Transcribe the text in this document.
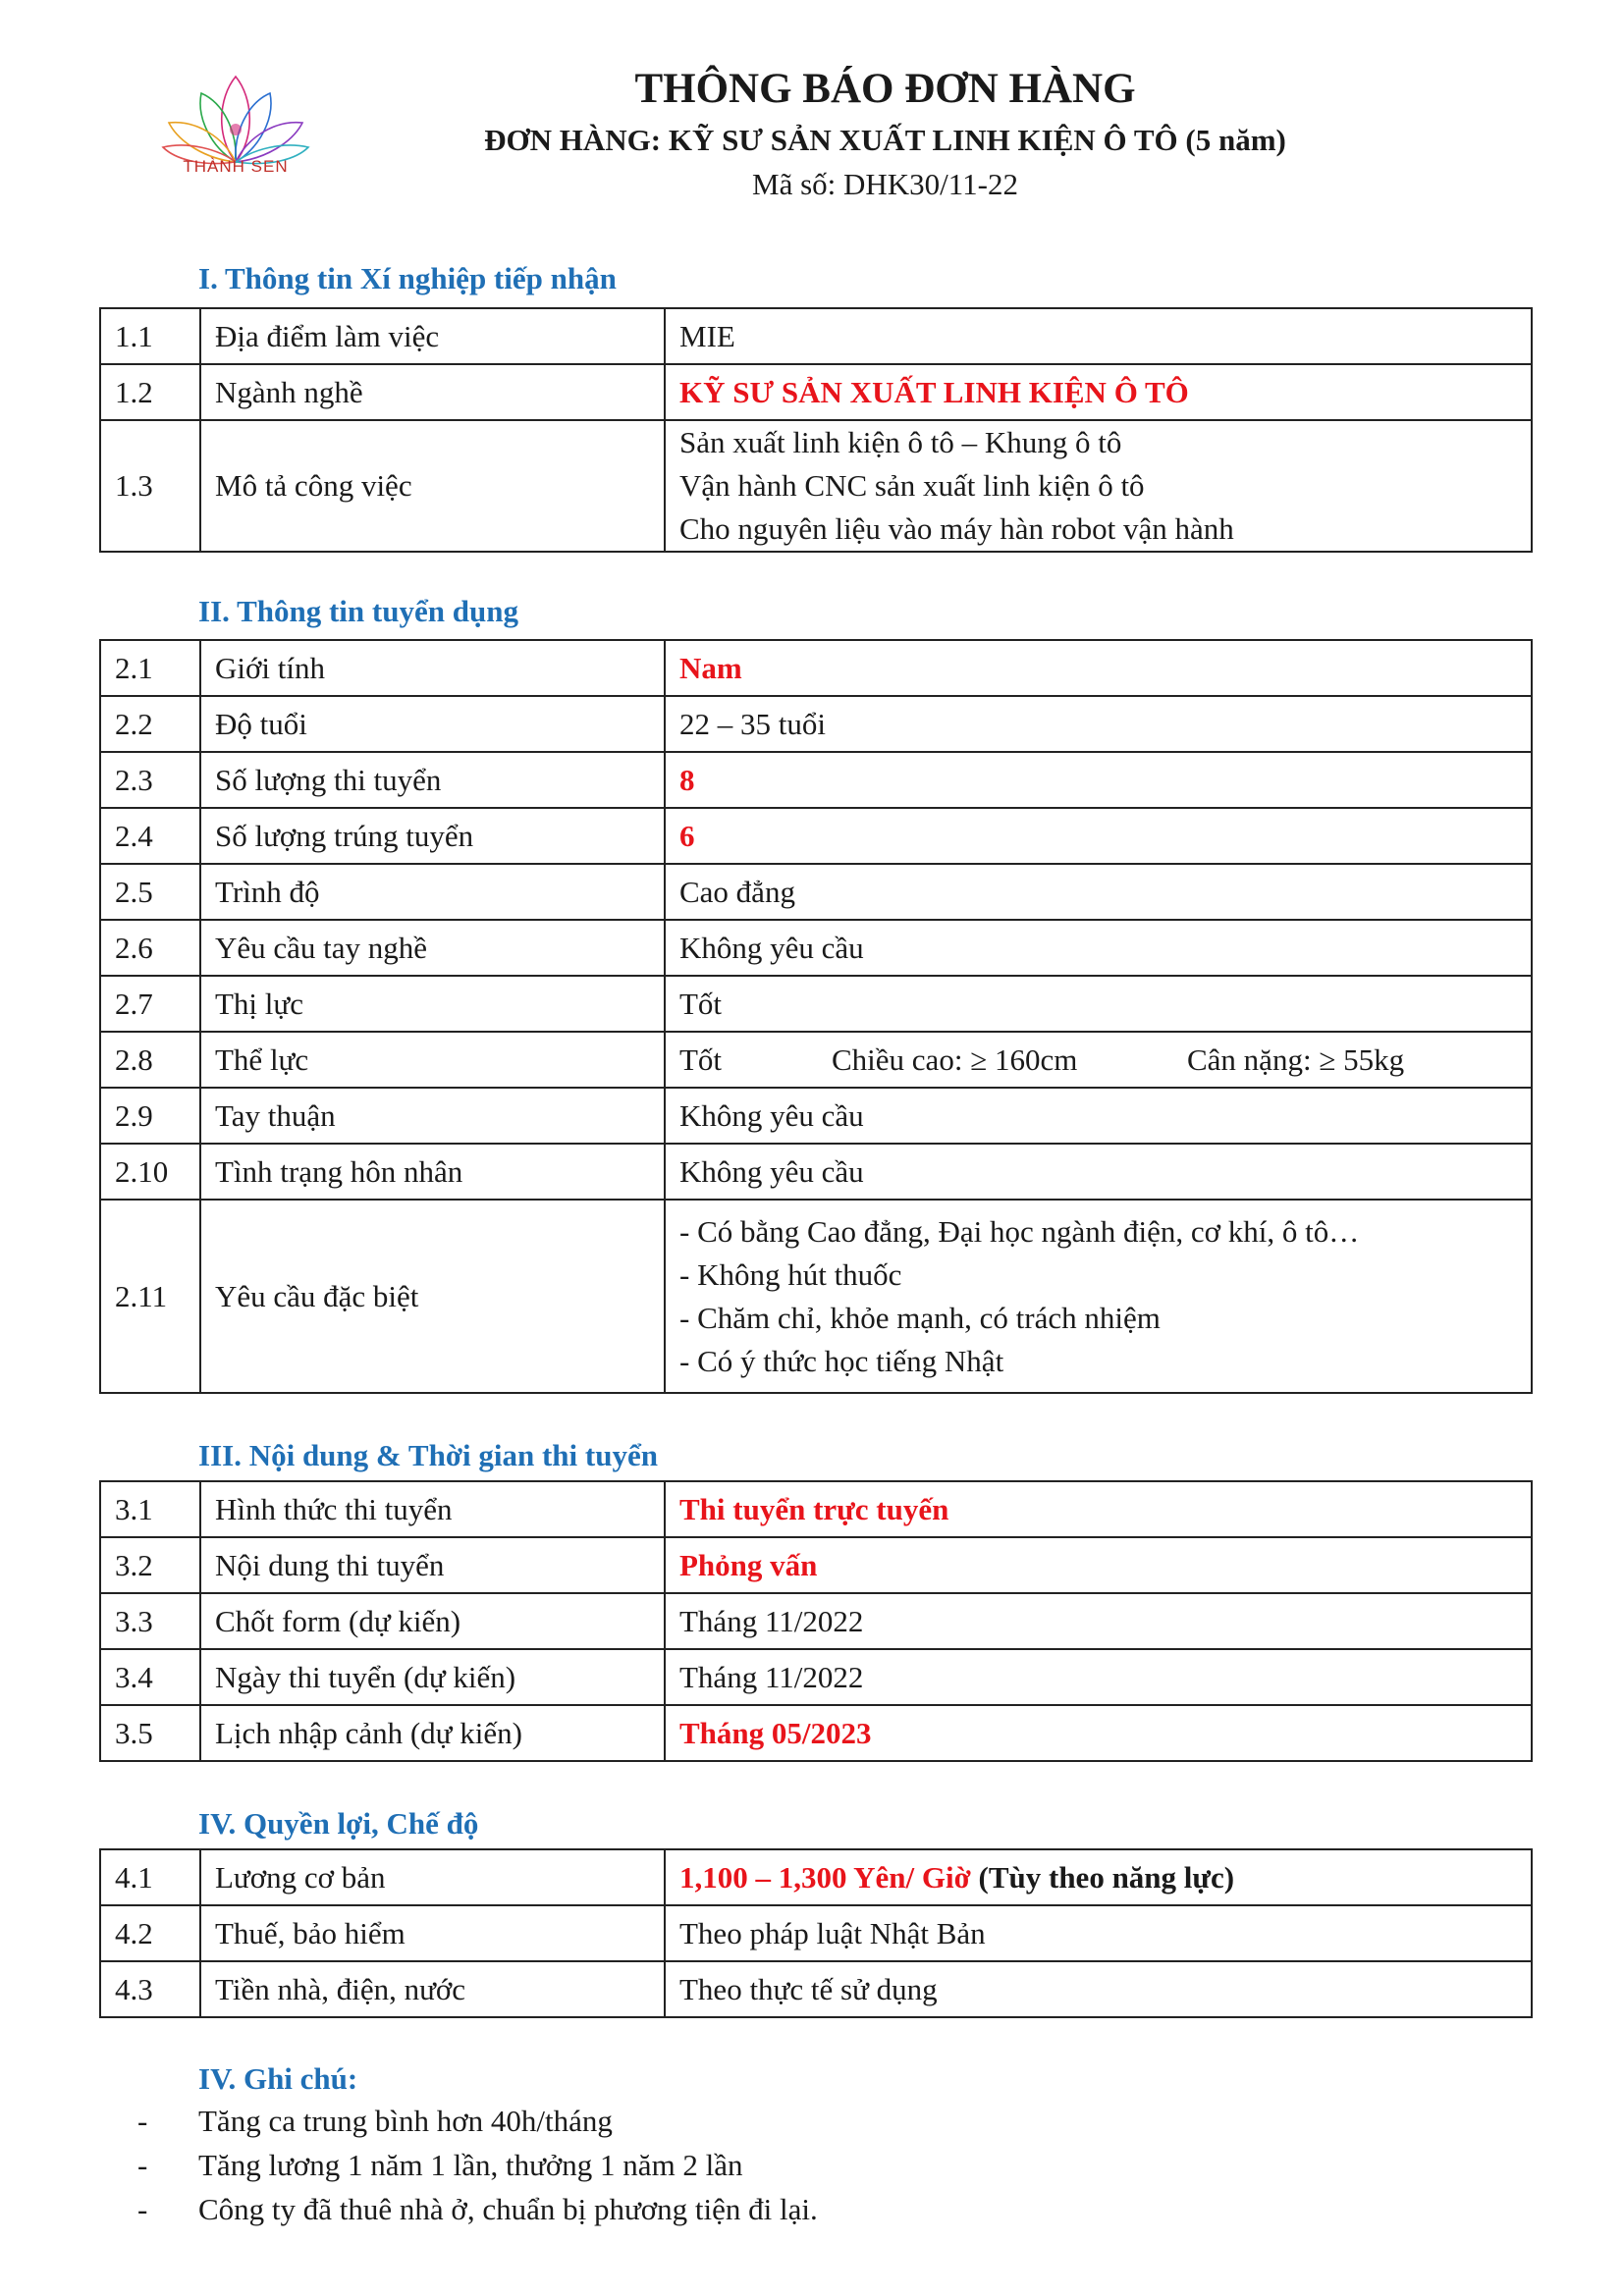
THÀNH SEN
THÔNG BÁO ĐƠN HÀNG
ĐƠN HÀNG: KỸ SƯ SẢN XUẤT LINH KIỆN Ô TÔ (5 năm)
Mã số: DHK30/11-22
I. Thông tin Xí nghiệp tiếp nhận
1.1	Địa điểm làm việc	MIE
1.2	Ngành nghề	KỸ SƯ SẢN XUẤT LINH KIỆN Ô TÔ
1.3	Mô tả công việc	Sản xuất linh kiện ô tô – Khung ô tô
Vận hành CNC sản xuất linh kiện ô tô
Cho nguyên liệu vào máy hàn robot vận hành
II. Thông tin tuyển dụng
2.1	Giới tính	Nam
2.2	Độ tuổi	22 – 35 tuổi
2.3	Số lượng thi tuyển	8
2.4	Số lượng trúng tuyển	6
2.5	Trình độ	Cao đẳng
2.6	Yêu cầu tay nghề	Không yêu cầu
2.7	Thị lực	Tốt
2.8	Thể lực	Tốt Chiều cao: ≥ 160cm Cân nặng: ≥ 55kg
2.9	Tay thuận	Không yêu cầu
2.10	Tình trạng hôn nhân	Không yêu cầu
2.11	Yêu cầu đặc biệt	- Có bằng Cao đẳng, Đại học ngành điện, cơ khí, ô tô…
- Không hút thuốc
- Chăm chỉ, khỏe mạnh, có trách nhiệm
- Có ý thức học tiếng Nhật
III. Nội dung & Thời gian thi tuyển
3.1	Hình thức thi tuyển	Thi tuyển trực tuyến
3.2	Nội dung thi tuyển	Phỏng vấn
3.3	Chốt form (dự kiến)	Tháng 11/2022
3.4	Ngày thi tuyển (dự kiến)	Tháng 11/2022
3.5	Lịch nhập cảnh (dự kiến)	Tháng 05/2023
IV. Quyền lợi, Chế độ
4.1	Lương cơ bản	1,100 – 1,300 Yên/ Giờ (Tùy theo năng lực)
4.2	Thuế, bảo hiểm	Theo pháp luật Nhật Bản
4.3	Tiền nhà, điện, nước	Theo thực tế sử dụng
IV. Ghi chú:
-	Tăng ca trung bình hơn 40h/tháng
-	Tăng lương 1 năm 1 lần, thưởng 1 năm 2 lần
-	Công ty đã thuê nhà ở, chuẩn bị phương tiện đi lại.
